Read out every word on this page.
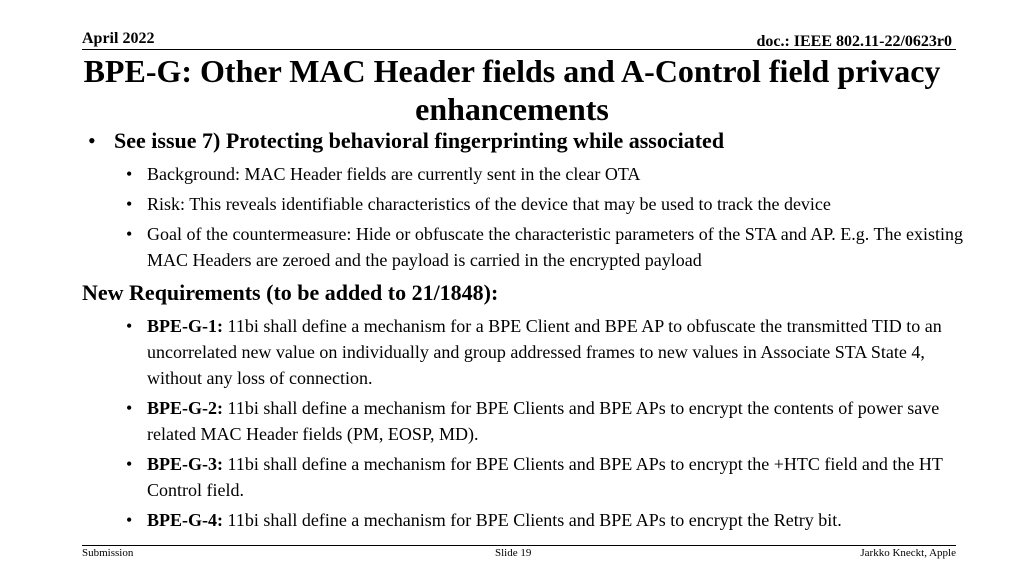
April 2022	doc.: IEEE 802.11-22/0623r0
BPE-G: Other MAC Header fields and A-Control field privacy enhancements
• See issue 7) Protecting behavioral fingerprinting while associated
• Background: MAC Header fields are currently sent in the clear OTA
• Risk: This reveals identifiable characteristics of the device that may be used to track the device
• Goal of the countermeasure: Hide or obfuscate the characteristic parameters of the STA and AP. E.g. The existing MAC Headers are zeroed and the payload is carried in the encrypted payload
New Requirements (to be added to 21/1848):
• BPE-G-1: 11bi shall define a mechanism for a BPE Client and BPE AP to obfuscate the transmitted TID to an uncorrelated new value on individually and group addressed frames to new values in Associate STA State 4, without any loss of connection.
• BPE-G-2: 11bi shall define a mechanism for BPE Clients and BPE APs to encrypt the contents of power save related MAC Header fields (PM, EOSP, MD).
• BPE-G-3: 11bi shall define a mechanism for BPE Clients and BPE APs to encrypt the +HTC field and the HT Control field.
• BPE-G-4: 11bi shall define a mechanism for BPE Clients and BPE APs to encrypt the Retry bit.
Submission	Slide 19	Jarkko Kneckt, Apple
